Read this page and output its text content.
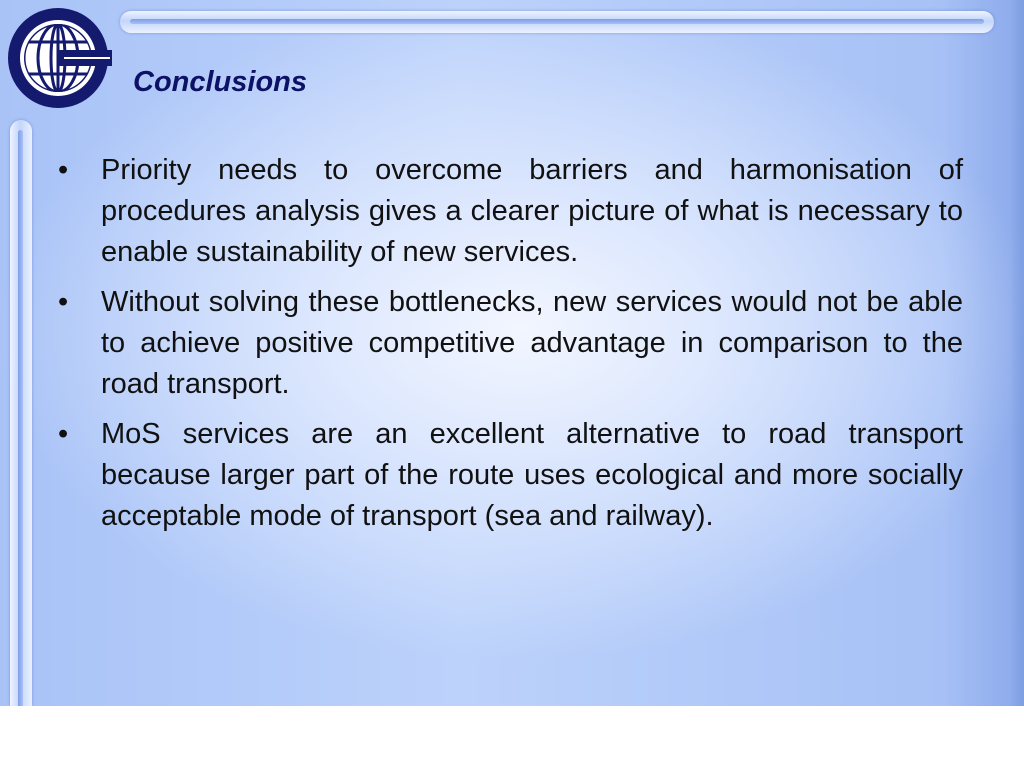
Conclusions
• Priority needs to overcome barriers and harmonisation of procedures analysis gives a clearer picture of what is necessary to enable sustainability of new services.
• Without solving these bottlenecks, new services would not be able to achieve positive competitive advantage in comparison to the road transport.
• MoS services are an excellent alternative to road transport because larger part of the route uses ecological and more socially acceptable mode of transport (sea and railway).
